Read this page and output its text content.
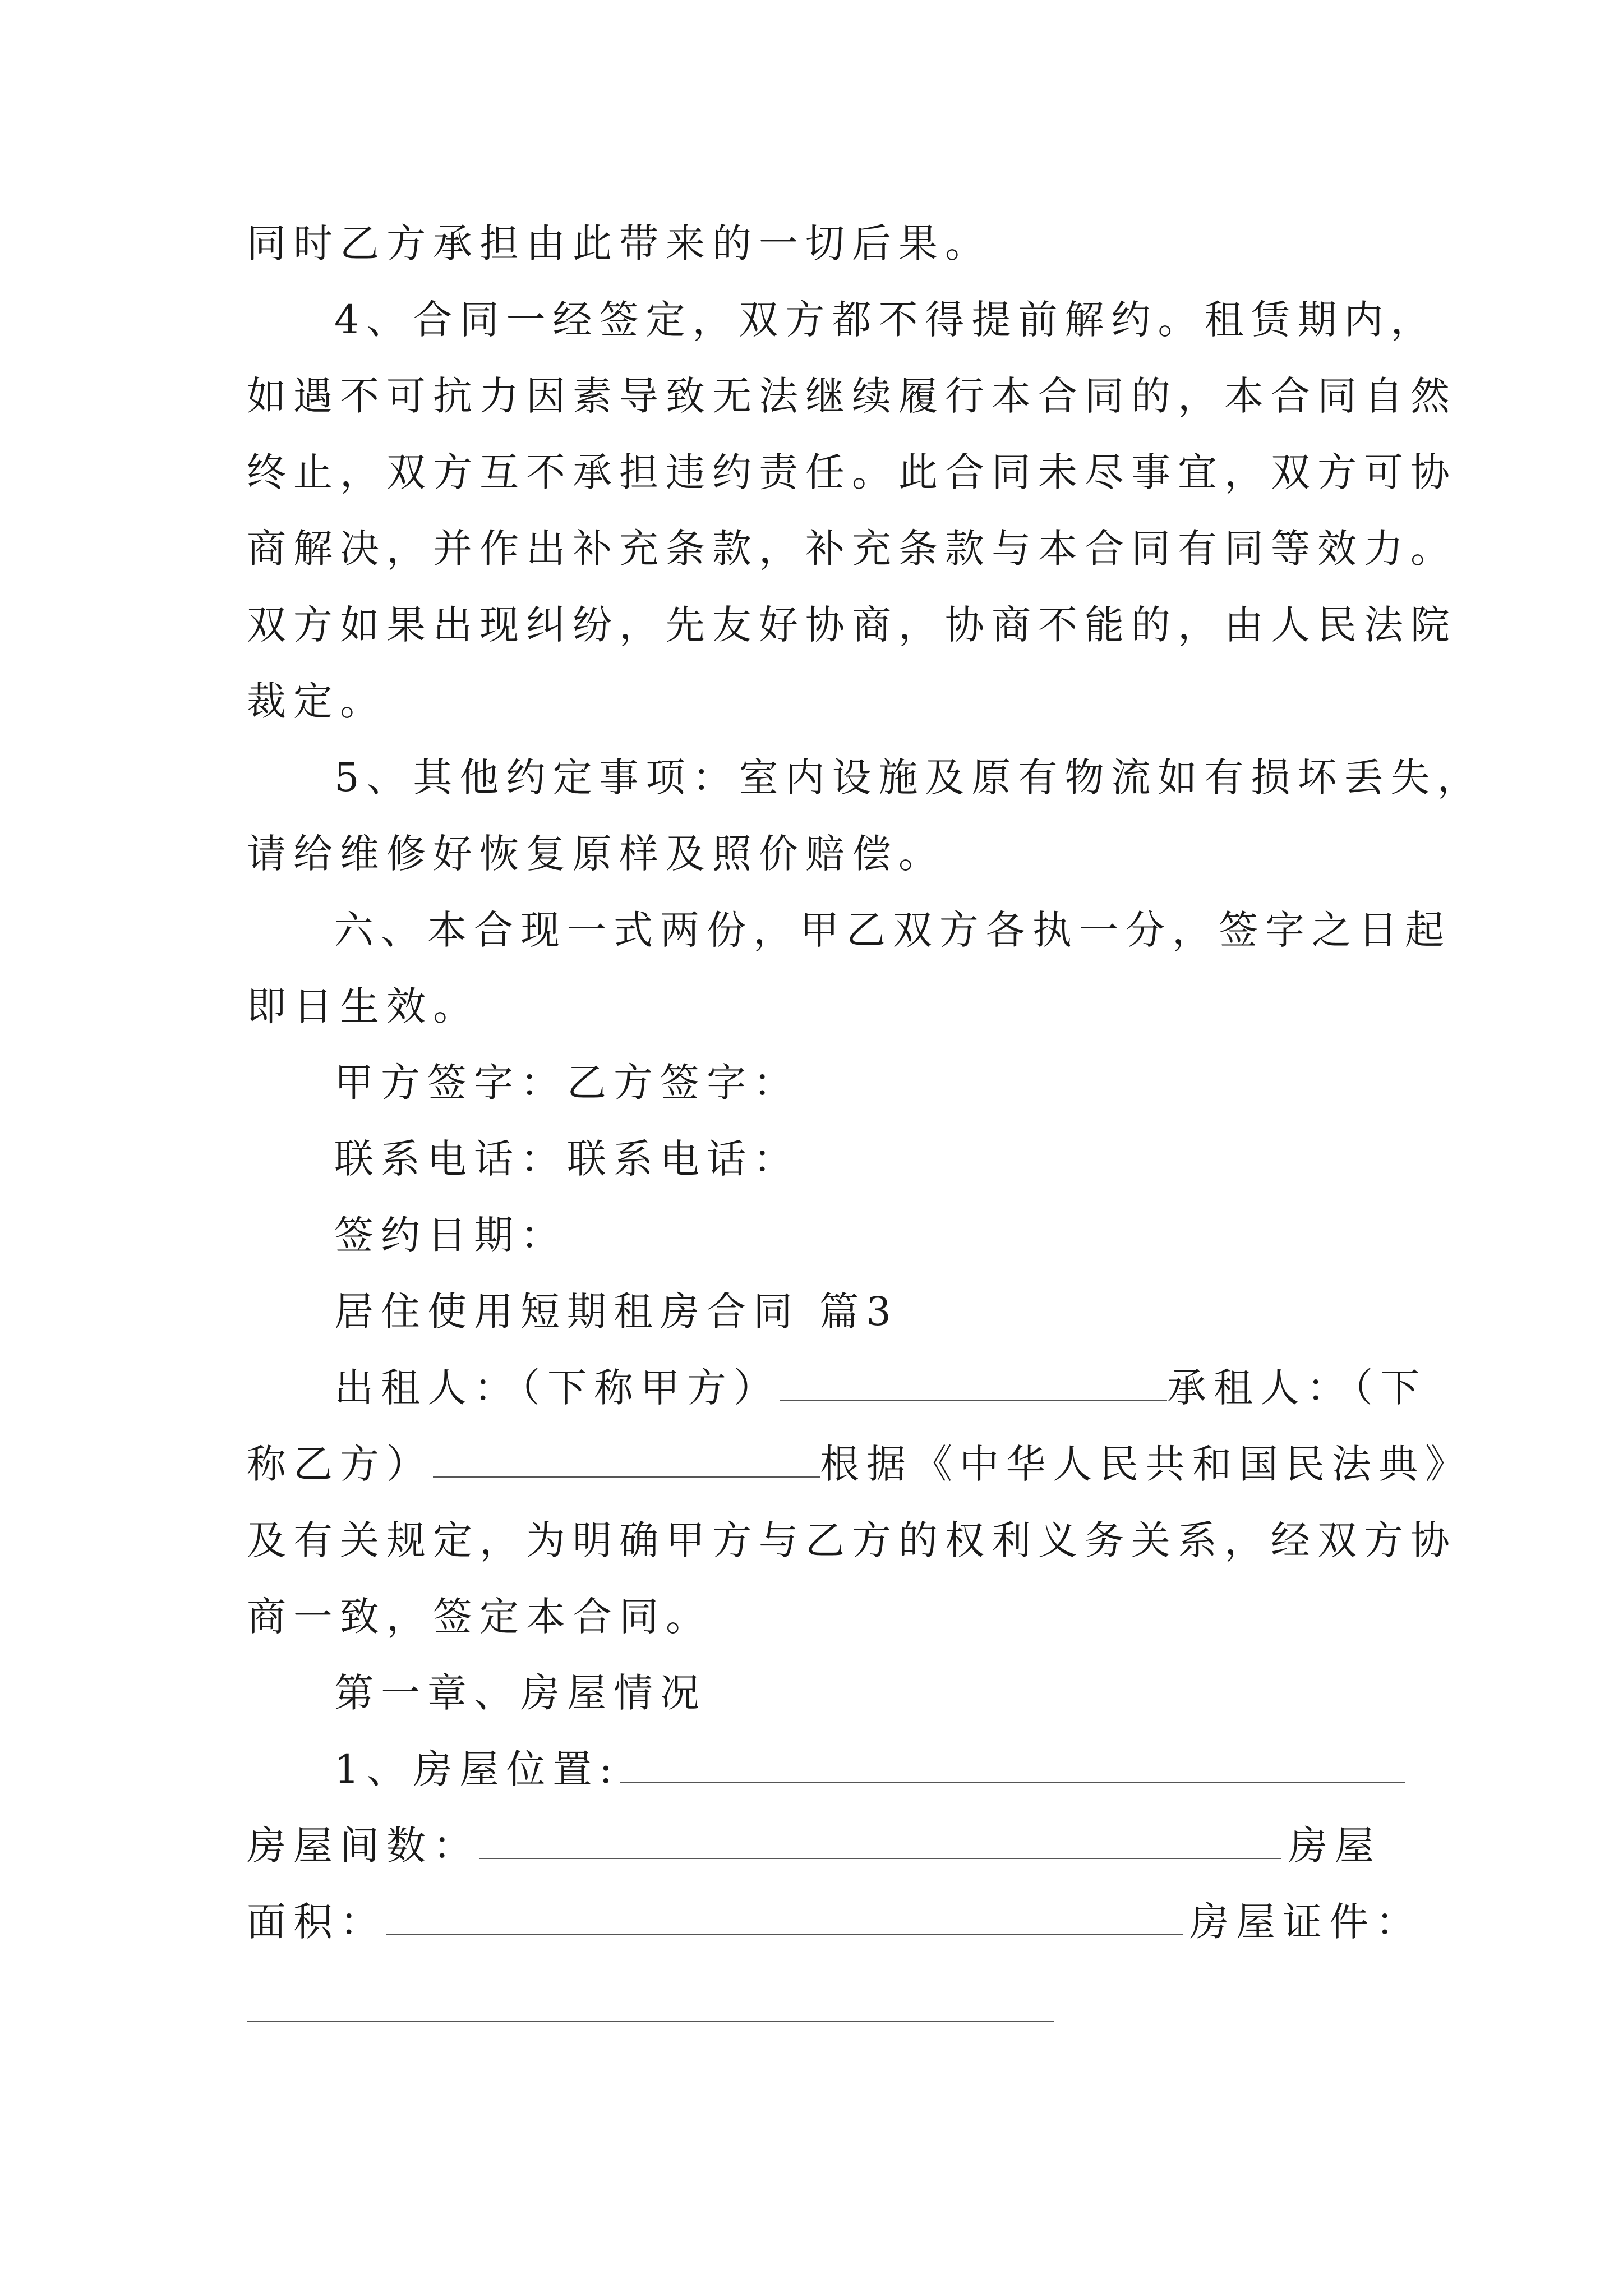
同时乙方承担由此带来的一切后果。
4、合同一经签定，双方都不得提前解约。租赁期内，
如遇不可抗力因素导致无法继续履行本合同的，本合同自然
终止，双方互不承担违约责任。此合同未尽事宜，双方可协
商解决，并作出补充条款，补充条款与本合同有同等效力。
双方如果出现纠纷，先友好协商，协商不能的，由人民法院
裁定。
5、其他约定事项：室内设施及原有物流如有损坏丢失，
请给维修好恢复原样及照价赔偿。
六、本合现一式两份，甲乙双方各执一分，签字之日起
即日生效。
甲方签字：乙方签字：
联系电话：联系电话：
签约日期：
居住使用短期租房合同 篇3
出租人：（下称甲方）	承租人：（下
称乙方）	根据《中华人民共和国民法典》
及有关规定，为明确甲方与乙方的权利义务关系，经双方协
商一致，签定本合同。
第一章、房屋情况
1、房屋位置:
房屋间数：	房屋
面积：	房屋证件：
